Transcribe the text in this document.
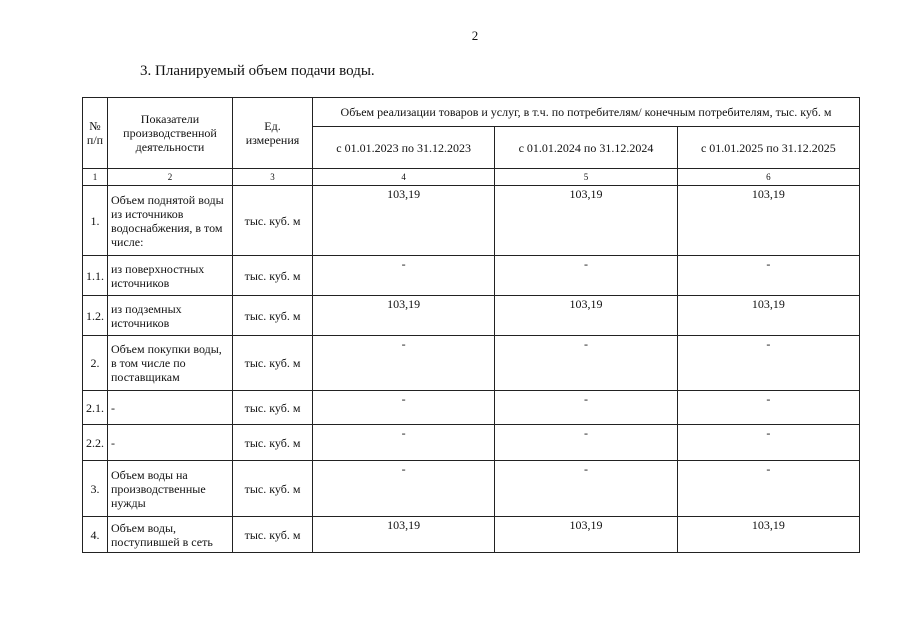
2
3. Планируемый объем подачи воды.
№ п/п	Показатели производственной деятельности	Ед. измерения	Объем реализации товаров и услуг, в т.ч. по потребителям/ конечным потребителям, тыс. куб. м		
			с 01.01.2023 по 31.12.2023	с 01.01.2024 по 31.12.2024	с 01.01.2025 по 31.12.2025
1	2	3	4	5	6
1.	Объем поднятой воды из источников водоснабжения, в том числе:	тыс. куб. м	103,19	103,19	103,19
1.1.	из поверхностных источников	тыс. куб. м	-	-	-
1.2.	из подземных источников	тыс. куб. м	103,19	103,19	103,19
2.	Объем покупки воды, в том числе по поставщикам	тыс. куб. м	-	-	-
2.1.	-	тыс. куб. м	-	-	-
2.2.	-	тыс. куб. м	-	-	-
3.	Объем воды на производственные нужды	тыс. куб. м	-	-	-
4.	Объем воды, поступившей в сеть	тыс. куб. м	103,19	103,19	103,19
